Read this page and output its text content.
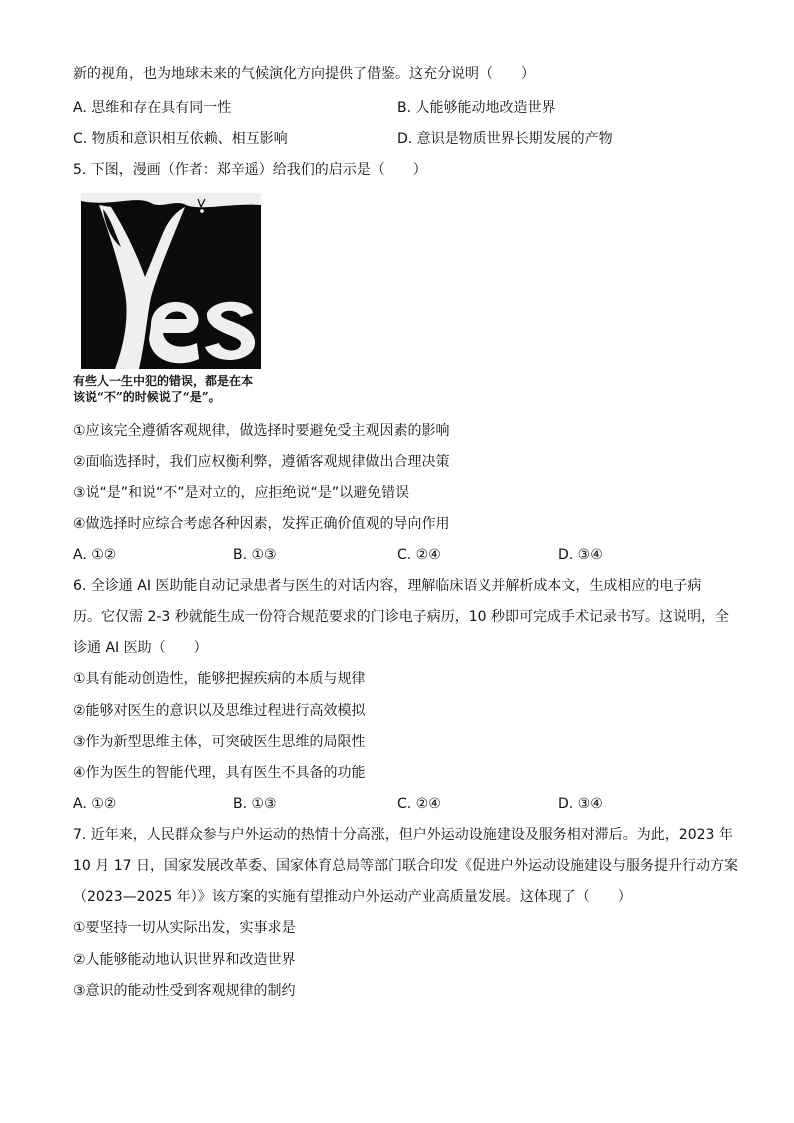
新的视角，也为地球未来的气候演化方向提供了借鉴。这充分说明（　　）
A. 思维和存在具有同一性	B. 人能够能动地改造世界
C. 物质和意识相互依赖、相互影响	D. 意识是物质世界长期发展的产物
5. 下图，漫画（作者：郑辛遥）给我们的启示是（　　）
有些人一生中犯的错误，都是在本
该说“不”的时候说了“是”。
①应该完全遵循客观规律，做选择时要避免受主观因素的影响
②面临选择时，我们应权衡利弊，遵循客观规律做出合理决策
③说“是”和说“不”是对立的，应拒绝说“是”以避免错误
④做选择时应综合考虑各种因素，发挥正确价值观的导向作用
A. ①②	B. ①③	C. ②④	D. ③④
6. 全诊通 AI 医助能自动记录患者与医生的对话内容，理解临床语义并解析成本文，生成相应的电子病
历。它仅需 2-3 秒就能生成一份符合规范要求的门诊电子病历，10 秒即可完成手术记录书写。这说明，全
诊通 AI 医助（　　）
①具有能动创造性，能够把握疾病的本质与规律
②能够对医生的意识以及思维过程进行高效模拟
③作为新型思维主体，可突破医生思维的局限性
④作为医生的智能代理，具有医生不具备的功能
A. ①②	B. ①③	C. ②④	D. ③④
7. 近年来，人民群众参与户外运动的热情十分高涨，但户外运动设施建设及服务相对滞后。为此，2023 年
10 月 17 日，国家发展改革委、国家体育总局等部门联合印发《促进户外运动设施建设与服务提升行动方案
（2023—2025 年）》该方案的实施有望推动户外运动产业高质量发展。这体现了（　　）
①要坚持一切从实际出发，实事求是
②人能够能动地认识世界和改造世界
③意识的能动性受到客观规律的制约
